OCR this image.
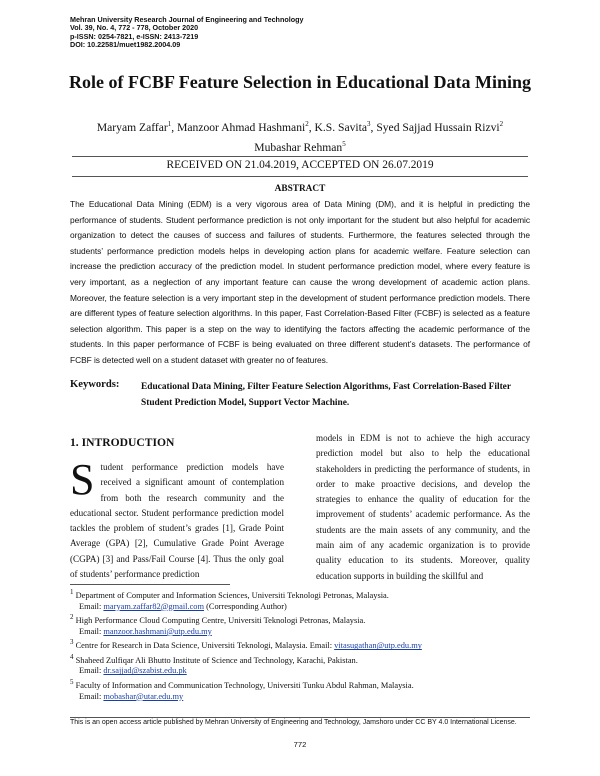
Mehran University Research Journal of Engineering and Technology
Vol. 39, No. 4, 772 - 778, October 2020
p-ISSN: 0254-7821, e-ISSN: 2413-7219
DOI: 10.22581/muet1982.2004.09
Role of FCBF Feature Selection in Educational Data Mining
Maryam Zaffar$^1$, Manzoor Ahmad Hashmani$^2$, K.S. Savita$^3$, Syed Sajjad Hussain Rizvi$^2$
Mubashar Rehman$^5$
RECEIVED ON 21.04.2019, ACCEPTED ON 26.07.2019
ABSTRACT
The Educational Data Mining (EDM) is a very vigorous area of Data Mining (DM), and it is helpful in predicting the performance of students. Student performance prediction is not only important for the student but also helpful for academic organization to detect the causes of success and failures of students. Furthermore, the features selected through the students’ performance prediction models helps in developing action plans for academic welfare. Feature selection can increase the prediction accuracy of the prediction model. In student performance prediction model, where every feature is very important, as a neglection of any important feature can cause the wrong development of academic action plans. Moreover, the feature selection is a very important step in the development of student performance prediction models. There are different types of feature selection algorithms. In this paper, Fast Correlation-Based Filter (FCBF) is selected as a feature selection algorithm. This paper is a step on the way to identifying the factors affecting the academic performance of the students. In this paper performance of FCBF is being evaluated on three different student’s datasets. The performance of FCBF is detected well on a student dataset with greater no of features.
Keywords: Educational Data Mining, Filter Feature Selection Algorithms, Fast Correlation-Based Filter Student Prediction Model, Support Vector Machine.
1. INTRODUCTION
Student performance prediction models have received a significant amount of contemplation from both the research community and the educational sector. Student performance prediction model tackles the problem of student’s grades [1], Grade Point Average (GPA) [2], Cumulative Grade Point Average (CGPA) [3] and Pass/Fail Course [4]. Thus the only goal of students’ performance prediction
models in EDM is not to achieve the high accuracy prediction model but also to help the educational stakeholders in predicting the performance of students, in order to make proactive decisions, and develop the strategies to enhance the quality of education for the improvement of students’ academic performance. As the students are the main assets of any community, and the main aim of any academic organization is to provide quality education to its students. Moreover, quality education supports in building the skillful and
$^1$ Department of Computer and Information Sciences, Universiti Teknologi Petronas, Malaysia.
Email: maryam.zaffar82@gmail.com (Corresponding Author)
$^2$ High Performance Cloud Computing Centre, Universiti Teknologi Petronas, Malaysia.
Email: manzoor.hashmani@utp.edu.my
$^3$ Centre for Research in Data Science, Universiti Teknologi, Malaysia. Email: vitasugathan@utp.edu.my
$^4$ Shaheed Zulfiqar Ali Bhutto Institute of Science and Technology, Karachi, Pakistan.
Email: dr.sajjad@szabist.edu.pk
$^5$ Faculty of Information and Communication Technology, Universiti Tunku Abdul Rahman, Malaysia.
Email: mobashar@utar.edu.my
This is an open access article published by Mehran University of Engineering and Technology, Jamshoro under CC BY 4.0 International License.
772
